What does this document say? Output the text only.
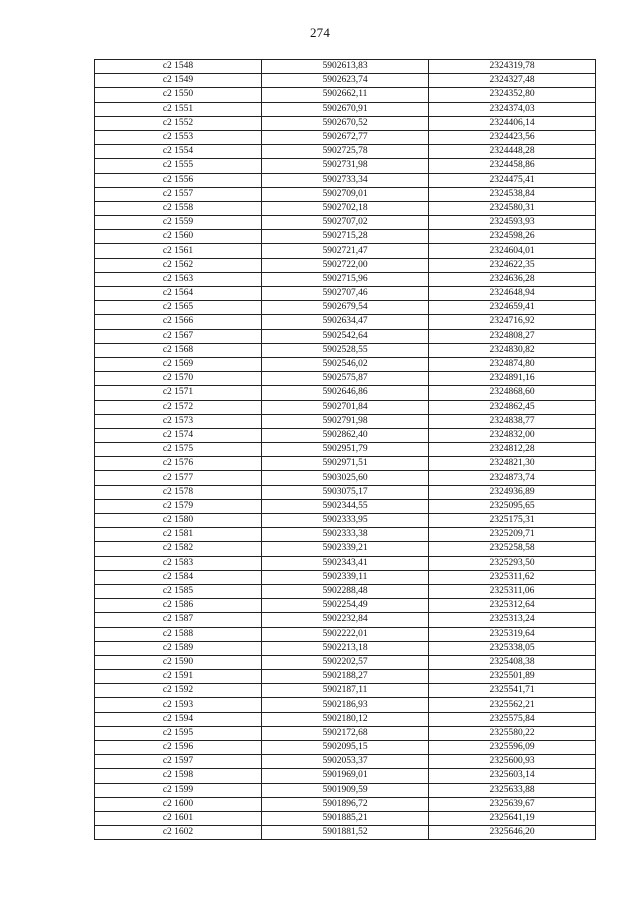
274
с2 1548	5902613,83	2324319,78
с2 1549	5902623,74	2324327,48
с2 1550	5902662,11	2324352,80
с2 1551	5902670,91	2324374,03
с2 1552	5902670,52	2324406,14
с2 1553	5902672,77	2324423,56
с2 1554	5902725,78	2324448,28
с2 1555	5902731,98	2324458,86
с2 1556	5902733,34	2324475,41
с2 1557	5902709,01	2324538,84
с2 1558	5902702,18	2324580,31
с2 1559	5902707,02	2324593,93
с2 1560	5902715,28	2324598,26
с2 1561	5902721,47	2324604,01
с2 1562	5902722,00	2324622,35
с2 1563	5902715,96	2324636,28
с2 1564	5902707,46	2324648,94
с2 1565	5902679,54	2324659,41
с2 1566	5902634,47	2324716,92
с2 1567	5902542,64	2324808,27
с2 1568	5902528,55	2324830,82
с2 1569	5902546,02	2324874,80
с2 1570	5902575,87	2324891,16
с2 1571	5902646,86	2324868,60
с2 1572	5902701,84	2324862,45
с2 1573	5902791,98	2324838,77
с2 1574	5902862,40	2324832,00
с2 1575	5902951,79	2324812,28
с2 1576	5902971,51	2324821,30
с2 1577	5903025,60	2324873,74
с2 1578	5903075,17	2324936,89
с2 1579	5902344,55	2325095,65
с2 1580	5902333,95	2325175,31
с2 1581	5902333,38	2325209,71
с2 1582	5902339,21	2325258,58
с2 1583	5902343,41	2325293,50
с2 1584	5902339,11	2325311,62
с2 1585	5902288,48	2325311,06
с2 1586	5902254,49	2325312,64
с2 1587	5902232,84	2325313,24
с2 1588	5902222,01	2325319,64
с2 1589	5902213,18	2325338,05
с2 1590	5902202,57	2325408,38
с2 1591	5902188,27	2325501,89
с2 1592	5902187,11	2325541,71
с2 1593	5902186,93	2325562,21
с2 1594	5902180,12	2325575,84
с2 1595	5902172,68	2325580,22
с2 1596	5902095,15	2325596,09
с2 1597	5902053,37	2325600,93
с2 1598	5901969,01	2325603,14
с2 1599	5901909,59	2325633,88
с2 1600	5901896,72	2325639,67
с2 1601	5901885,21	2325641,19
с2 1602	5901881,52	2325646,20
